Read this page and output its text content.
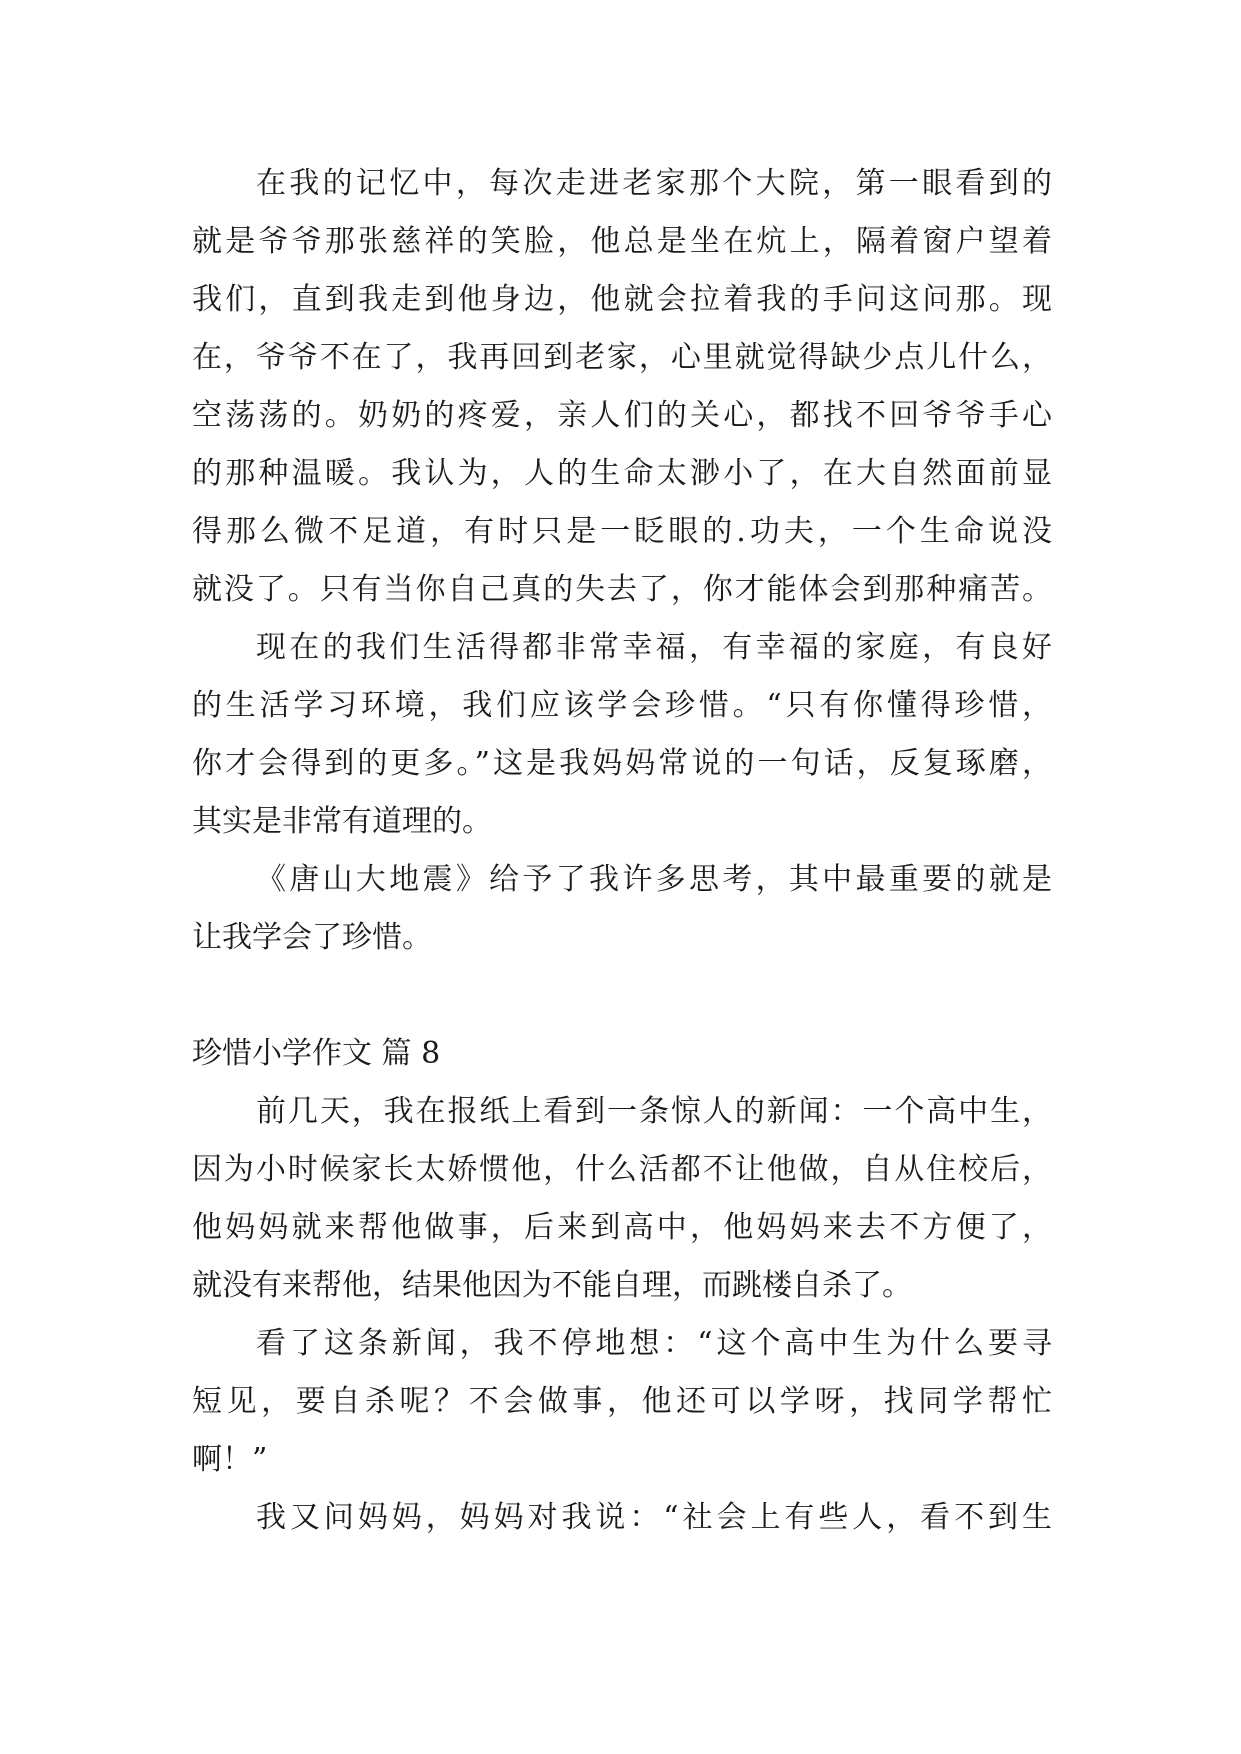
在我的记忆中，每次走进老家那个大院，第一眼看到的
就是爷爷那张慈祥的笑脸，他总是坐在炕上，隔着窗户望着
我们，直到我走到他身边，他就会拉着我的手问这问那。现
在，爷爷不在了，我再回到老家，心里就觉得缺少点儿什么，
空荡荡的。奶奶的疼爱，亲人们的关心，都找不回爷爷手心
的那种温暖。我认为，人的生命太渺小了，在大自然面前显
得那么微不足道，有时只是一眨眼的.功夫，一个生命说没
就没了。只有当你自己真的失去了，你才能体会到那种痛苦。
现在的我们生活得都非常幸福，有幸福的家庭，有良好
的生活学习环境，我们应该学会珍惜。“只有你懂得珍惜，
你才会得到的更多。”这是我妈妈常说的一句话，反复琢磨，
其实是非常有道理的。
《唐山大地震》给予了我许多思考，其中最重要的就是
让我学会了珍惜。
珍惜小学作文 篇 8
前几天，我在报纸上看到一条惊人的新闻：一个高中生，
因为小时候家长太娇惯他，什么活都不让他做，自从住校后，
他妈妈就来帮他做事，后来到高中，他妈妈来去不方便了，
就没有来帮他，结果他因为不能自理，而跳楼自杀了。
看了这条新闻，我不停地想：“这个高中生为什么要寻
短见，要自杀呢？不会做事，他还可以学呀，找同学帮忙
啊！”
我又问妈妈，妈妈对我说：“社会上有些人，看不到生
